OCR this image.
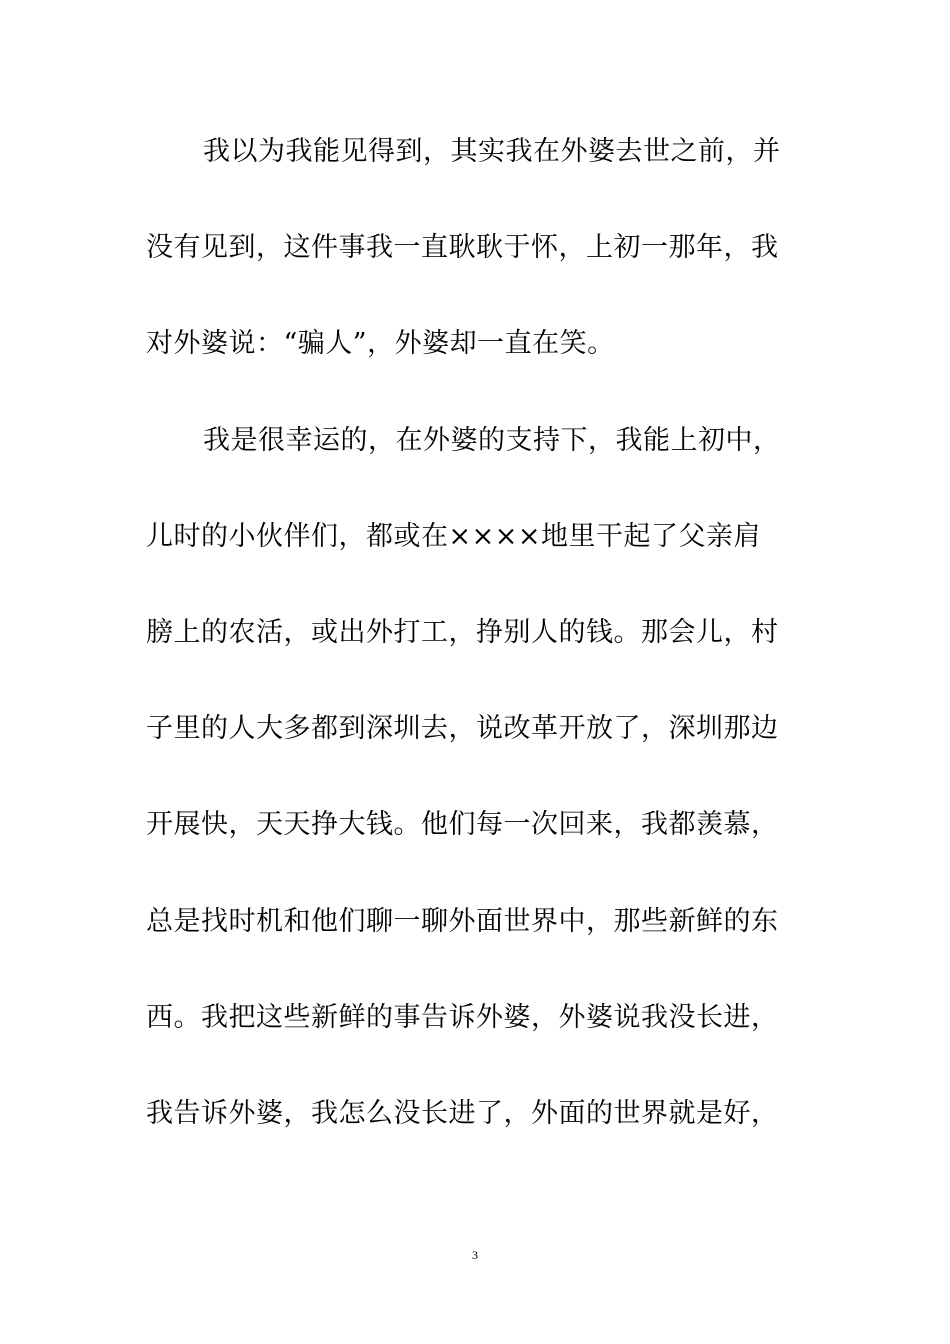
我以为我能见得到，其实我在外婆去世之前，并
没有见到，这件事我一直耿耿于怀，上初一那年，我
对外婆说：“骗人”，外婆却一直在笑。
我是很幸运的，在外婆的支持下，我能上初中，
儿时的小伙伴们，都或在××××地里干起了父亲肩
膀上的农活，或出外打工，挣别人的钱。那会儿，村
子里的人大多都到深圳去，说改革开放了，深圳那边
开展快，天天挣大钱。他们每一次回来，我都羡慕，
总是找时机和他们聊一聊外面世界中，那些新鲜的东
西。我把这些新鲜的事告诉外婆，外婆说我没长进，
我告诉外婆，我怎么没长进了，外面的世界就是好，
3
